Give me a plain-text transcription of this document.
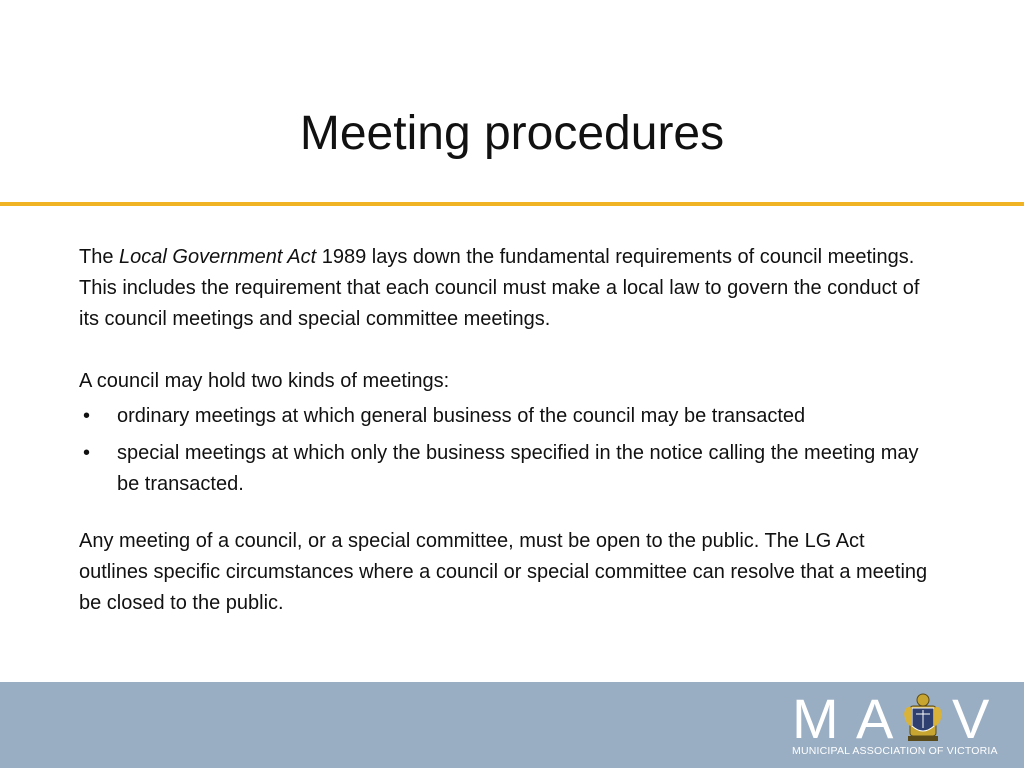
Meeting procedures

The Local Government Act 1989 lays down the fundamental requirements of council meetings. This includes the requirement that each council must make a local law to govern the conduct of its council meetings and special committee meetings.

A council may hold two kinds of meetings:

•	ordinary meetings at which general business of the council may be transacted
•	special meetings at which only the business specified in the notice calling the meeting may be transacted.

Any meeting of a council, or a special committee, must be open to the public. The LG Act outlines specific circumstances where a council or special committee can resolve that a meeting be closed to the public.

M A V
MUNICIPAL ASSOCIATION OF VICTORIA
